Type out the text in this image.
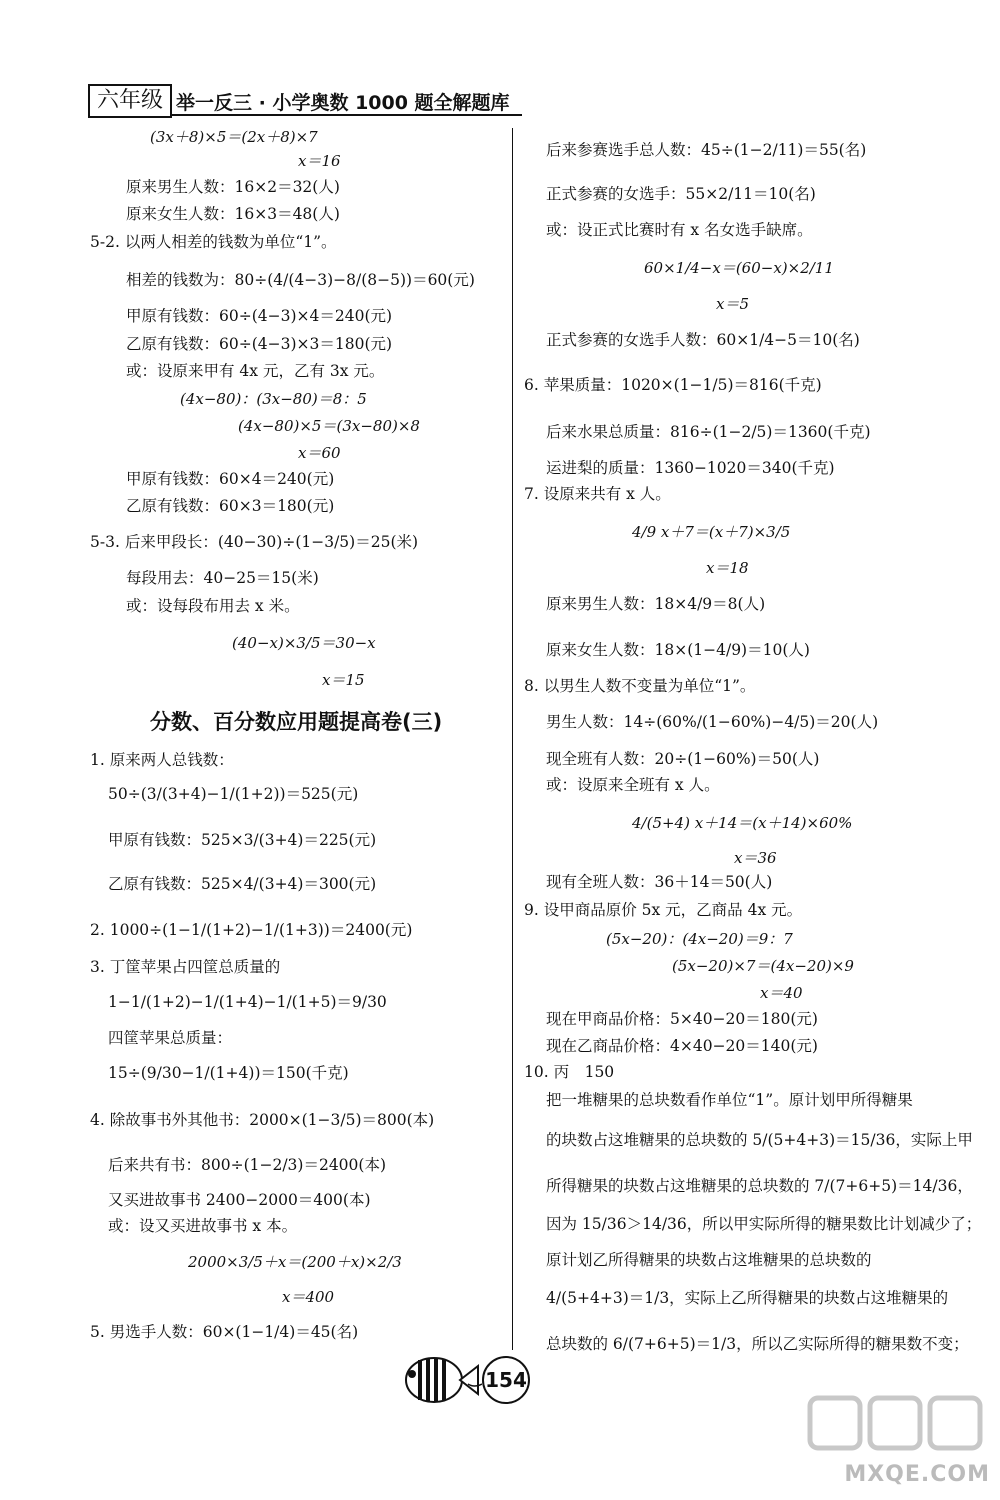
六年级 举一反三 · 小学奥数 1000 题全解题库
(3x＋8)×5＝(2x＋8)×7
x＝16
原来男生人数：16×2＝32(人)
原来女生人数：16×3＝48(人)
5-2. 以两人相差的钱数为单位“1”。
相差的钱数为：80÷(4/(4−3)−8/(8−5))＝60(元)
甲原有钱数：60÷(4−3)×4＝240(元)
乙原有钱数：60÷(4−3)×3＝180(元)
或：设原来甲有 4x 元，乙有 3x 元。
(4x−80)：(3x−80)＝8：5
(4x−80)×5＝(3x−80)×8
x＝60
甲原有钱数：60×4＝240(元)
乙原有钱数：60×3＝180(元)
5-3. 后来甲段长：(40−30)÷(1−3/5)＝25(米)
每段用去：40−25＝15(米)
或：设每段布用去 x 米。
(40−x)×3/5＝30−x
x＝15
分数、百分数应用题提高卷(三)
1. 原来两人总钱数：
50÷(3/(3+4)−1/(1+2))＝525(元)
甲原有钱数：525×3/(3+4)＝225(元)
乙原有钱数：525×4/(3+4)＝300(元)
2. 1000÷(1−1/(1+2)−1/(1+3))＝2400(元)
3. 丁筐苹果占四筐总质量的
1−1/(1+2)−1/(1+4)−1/(1+5)＝9/30
四筐苹果总质量：
15÷(9/30−1/(1+4))＝150(千克)
4. 除故事书外其他书：2000×(1−3/5)＝800(本)
后来共有书：800÷(1−2/3)＝2400(本)
又买进故事书 2400−2000＝400(本)
或：设又买进故事书 x 本。
2000×3/5＋x＝(200＋x)×2/3
x＝400
5. 男选手人数：60×(1−1/4)＝45(名)
后来参赛选手总人数：45÷(1−2/11)＝55(名)
正式参赛的女选手：55×2/11＝10(名)
或：设正式比赛时有 x 名女选手缺席。
60×1/4−x＝(60−x)×2/11
x＝5
正式参赛的女选手人数：60×1/4−5＝10(名)
6. 苹果质量：1020×(1−1/5)＝816(千克)
后来水果总质量：816÷(1−2/5)＝1360(千克)
运进梨的质量：1360−1020＝340(千克)
7. 设原来共有 x 人。
4/9 x＋7＝(x＋7)×3/5
x＝18
原来男生人数：18×4/9＝8(人)
原来女生人数：18×(1−4/9)＝10(人)
8. 以男生人数不变量为单位“1”。
男生人数：14÷(60%/(1−60%)−4/5)＝20(人)
现全班有人数：20÷(1−60%)＝50(人)
或：设原来全班有 x 人。
4/(5+4) x＋14＝(x＋14)×60%
x＝36
现有全班人数：36＋14＝50(人)
9. 设甲商品原价 5x 元，乙商品 4x 元。
(5x−20)：(4x−20)＝9：7
(5x−20)×7＝(4x−20)×9
x＝40
现在甲商品价格：5×40−20＝180(元)
现在乙商品价格：4×40−20＝140(元)
10. 丙　150
把一堆糖果的总块数看作单位“1”。原计划甲所得糖果
的块数占这堆糖果的总块数的 5/(5+4+3)＝15/36，实际上甲
所得糖果的块数占这堆糖果的总块数的 7/(7+6+5)＝14/36，
因为 15/36＞14/36，所以甲实际所得的糖果数比计划减少了；
原计划乙所得糖果的块数占这堆糖果的总块数的
4/(5+4+3)＝1/3，实际上乙所得糖果的块数占这堆糖果的
总块数的 6/(7+6+5)＝1/3，所以乙实际所得的糖果数不变；
154
MXQE.COM
